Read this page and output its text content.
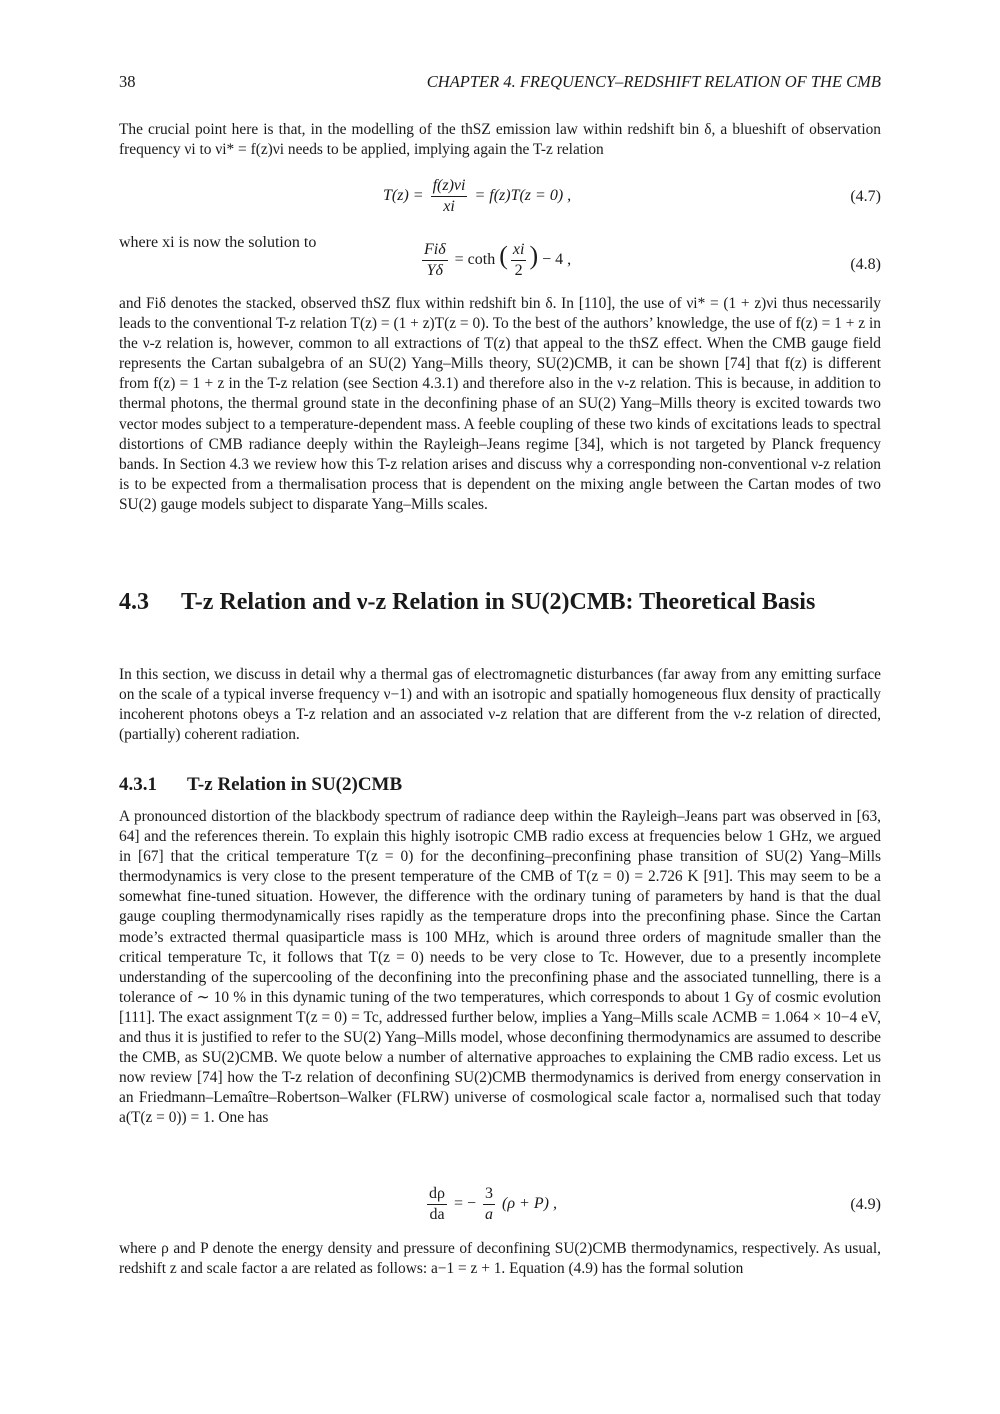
38	CHAPTER 4. FREQUENCY–REDSHIFT RELATION OF THE CMB

The crucial point here is that, in the modelling of the thSZ emission law within redshift bin δ, a blueshift of observation frequency νi to νi* = f(z)νi needs to be applied, implying again the T-z relation

$T(z) = \frac{f(z)\nu i}{xi} = f(z)T(z = 0)$ ,	(4.7)
where xi is now the solution to	$\frac{\text{Fiδ}}{Y\delta} = \cot h$ ( $\frac{xi}{2}$ ) − 4 ,	(4.8)

and Fiδ denotes the stacked, observed thSZ flux within redshift bin δ. In [110], the use of νi* = (1 + z)νi thus necessarily leads to the conventional T-z relation T(z) = (1 + z)T(z = 0). To the best of the authors’ knowledge, the use of f(z) = 1 + z in the ν-z relation is, however, common to all extractions of T(z) that appeal to the thSZ effect. When the CMB gauge field represents the Cartan subalgebra of an SU(2) Yang–Mills theory, SU(2)CMB, it can be shown [74] that f(z) is different from f(z) = 1 + z in the T-z relation (see Section 4.3.1) and therefore also in the ν-z relation. This is because, in addition to thermal photons, the thermal ground state in the deconfining phase of an SU(2) Yang–Mills theory is excited towards two vector modes subject to a temperature-dependent mass. A feeble coupling of these two kinds of excitations leads to spectral distortions of CMB radiance deeply within the Rayleigh–Jeans regime [34], which is not targeted by Planck frequency bands. In Section 4.3 we review how this T-z relation arises and discuss why a corresponding non-conventional ν-z relation is to be expected from a thermalisation process that is dependent on the mixing angle between the Cartan modes of two SU(2) gauge models subject to disparate Yang–Mills scales.

4.3 T-z Relation and ν-z Relation in SU(2)CMB: Theoretical Basis

In this section, we discuss in detail why a thermal gas of electromagnetic disturbances (far away from any emitting surface on the scale of a typical inverse frequency ν−1) and with an isotropic and spatially homogeneous flux density of practically incoherent photons obeys a T-z relation and an associated ν-z relation that are different from the ν-z relation of directed, (partially) coherent radiation.

4.3.1 T-z Relation in SU(2)CMB

A pronounced distortion of the blackbody spectrum of radiance deep within the Rayleigh–Jeans part was observed in [63, 64] and the references therein. To explain this highly isotropic CMB radio excess at frequencies below 1 GHz, we argued in [67] that the critical temperature T(z = 0) for the deconfining–preconfining phase transition of SU(2) Yang–Mills thermodynamics is very close to the present temperature of the CMB of T(z = 0) = 2.726 K [91]. This may seem to be a somewhat fine-tuned situation. However, the difference with the ordinary tuning of parameters by hand is that the dual gauge coupling thermodynamically rises rapidly as the temperature drops into the preconfining phase. Since the Cartan mode’s extracted thermal quasiparticle mass is 100 MHz, which is around three orders of magnitude smaller than the critical temperature Tc, it follows that T(z = 0) needs to be very close to Tc. However, due to a presently incomplete understanding of the supercooling of the deconfining into the preconfining phase and the associated tunnelling, there is a tolerance of ∼ 10 % in this dynamic tuning of the two temperatures, which corresponds to about 1 Gy of cosmic evolution [111]. The exact assignment T(z = 0) = Tc, addressed further below, implies a Yang–Mills scale ΛCMB = 1.064 × 10−4 eV, and thus it is justified to refer to the SU(2) Yang–Mills model, whose deconfining thermodynamics are assumed to describe the CMB, as SU(2)CMB. We quote below a number of alternative approaches to explaining the CMB radio excess. Let us now review [74] how the T-z relation of deconfining SU(2)CMB thermodynamics is derived from energy conservation in an Friedmann–Lemaître–Robertson–Walker (FLRW) universe of cosmological scale factor a, normalised such that today a(T(z = 0)) = 1. One has

$\frac{d\rho}{da}$ = − $\frac{3}{a} (\rho + P)$ ,	(4.9)

where ρ and P denote the energy density and pressure of deconfining SU(2)CMB thermodynamics, respectively. As usual, redshift z and scale factor a are related as follows: a−1 = z + 1. Equation (4.9) has the formal solution
